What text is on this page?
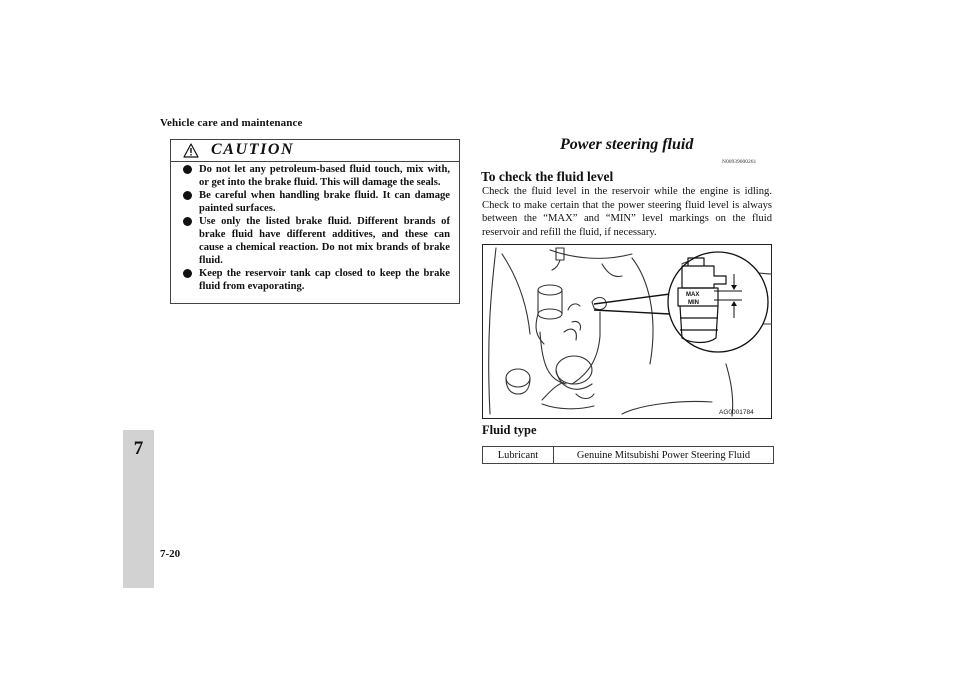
Vehicle care and maintenance
7
7-20
CAUTION
Do not let any petroleum-based fluid touch, mix with, or get into the brake fluid. This will damage the seals.
Be careful when handling brake fluid. It can damage painted surfaces.
Use only the listed brake fluid. Different brands of brake fluid have different additives, and these can cause a chemical reaction. Do not mix brands of brake fluid.
Keep the reservoir tank cap closed to keep the brake fluid from evaporating.
Power steering fluid
N00939000261
To check the fluid level

Check the fluid level in the reservoir while the engine is idling. Check to make certain that the power steering fluid level is always between the “MAX” and “MIN” level markings on the fluid reservoir and refill the fluid, if necessary.

MAX
MIN
AG0001784
Fluid type
Lubricant	Genuine Mitsubishi Power Steering Fluid
